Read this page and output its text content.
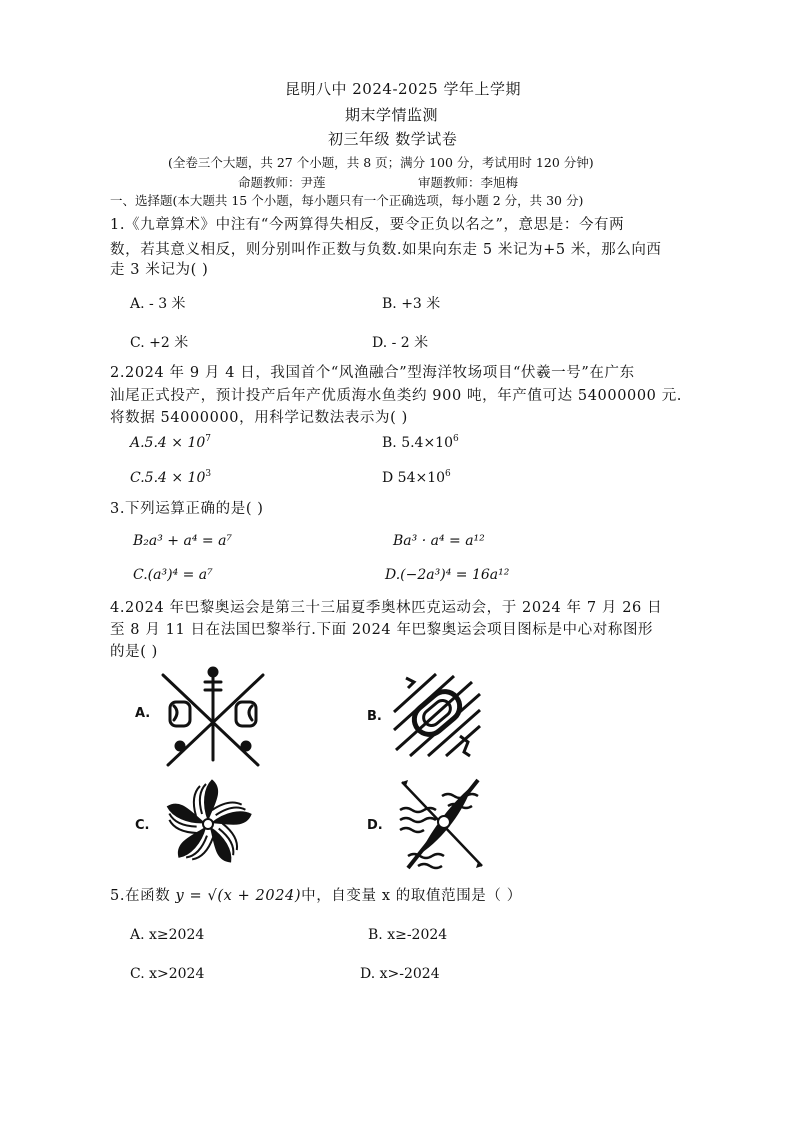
昆明八中 2024-2025 学年上学期
期末学情监测
初三年级 数学试卷
(全卷三个大题，共 27 个小题，共 8 页；满分 100 分，考试用时 120 分钟)
命题教师：尹莲	审题教师：李旭梅
一、选择题(本大题共 15 个小题，每小题只有一个正确选项，每小题 2 分，共 30 分)
1.《九章算术》中注有“今两算得失相反，要令正负以名之”，意思是：今有两
数，若其意义相反，则分别叫作正数与负数.如果向东走 5 米记为+5 米，那么向西
走 3 米记为( )
A. - 3 米	B. +3 米
C. +2 米	D. - 2 米
2.2024 年 9 月 4 日，我国首个“风渔融合”型海洋牧场项目“伏羲一号”在广东
汕尾正式投产，预计投产后年产优质海水鱼类约 900 吨，年产值可达 54000000 元.
将数据 54000000，用科学记数法表示为( )
$A.5.4 \times 10^7$	B. $5.4\times 10^6$
$C.5.4 \times 10^3$	D $54\times 10^6$
3.下列运算正确的是( )
B₂a³ + a⁴ = a⁷	Ba³ · a⁴ = a¹²
C.(a³)⁴ = a⁷	D.(−2a³)⁴ = 16a¹²
4.2024 年巴黎奥运会是第三十三届夏季奥林匹克运动会，于 2024 年 7 月 26 日
至 8 月 11 日在法国巴黎举行.下面 2024 年巴黎奥运会项目图标是中心对称图形
的是( )
A.	B.
C.	D.
5.在函数 y = √(x + 2024)中，自变量 x 的取值范围是（ ）
A. x≥2024	B. x≥-2024
C. x>2024	D. x>-2024
